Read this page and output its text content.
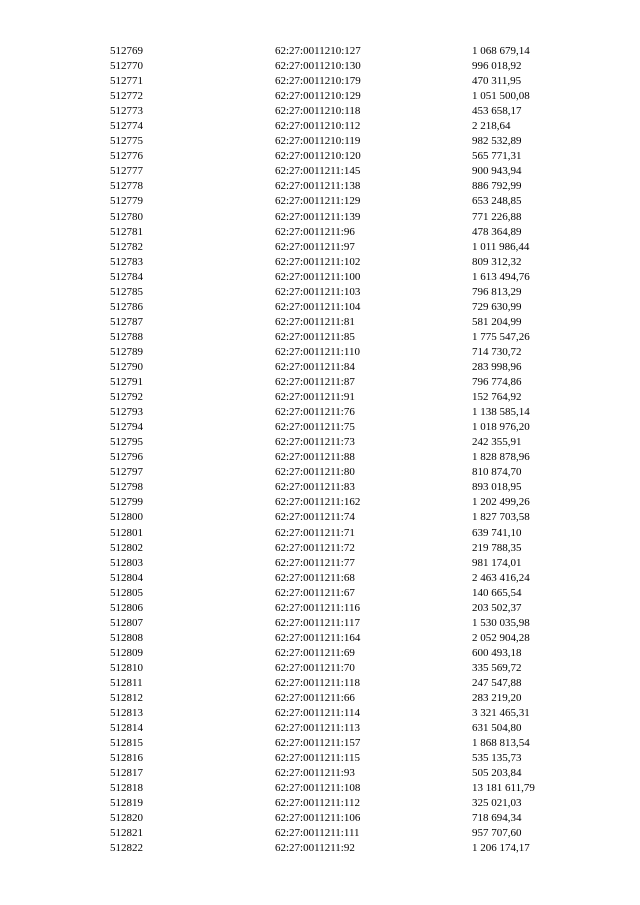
	512769	62:27:0011210:127	1 068 679,14
	512770	62:27:0011210:130	996 018,92
	512771	62:27:0011210:179	470 311,95
	512772	62:27:0011210:129	1 051 500,08
	512773	62:27:0011210:118	453 658,17
	512774	62:27:0011210:112	2 218,64
	512775	62:27:0011210:119	982 532,89
	512776	62:27:0011210:120	565 771,31
	512777	62:27:0011211:145	900 943,94
	512778	62:27:0011211:138	886 792,99
	512779	62:27:0011211:129	653 248,85
	512780	62:27:0011211:139	771 226,88
	512781	62:27:0011211:96	478 364,89
	512782	62:27:0011211:97	1 011 986,44
	512783	62:27:0011211:102	809 312,32
	512784	62:27:0011211:100	1 613 494,76
	512785	62:27:0011211:103	796 813,29
	512786	62:27:0011211:104	729 630,99
	512787	62:27:0011211:81	581 204,99
	512788	62:27:0011211:85	1 775 547,26
	512789	62:27:0011211:110	714 730,72
	512790	62:27:0011211:84	283 998,96
	512791	62:27:0011211:87	796 774,86
	512792	62:27:0011211:91	152 764,92
	512793	62:27:0011211:76	1 138 585,14
	512794	62:27:0011211:75	1 018 976,20
	512795	62:27:0011211:73	242 355,91
	512796	62:27:0011211:88	1 828 878,96
	512797	62:27:0011211:80	810 874,70
	512798	62:27:0011211:83	893 018,95
	512799	62:27:0011211:162	1 202 499,26
	512800	62:27:0011211:74	1 827 703,58
	512801	62:27:0011211:71	639 741,10
	512802	62:27:0011211:72	219 788,35
	512803	62:27:0011211:77	981 174,01
	512804	62:27:0011211:68	2 463 416,24
	512805	62:27:0011211:67	140 665,54
	512806	62:27:0011211:116	203 502,37
	512807	62:27:0011211:117	1 530 035,98
	512808	62:27:0011211:164	2 052 904,28
	512809	62:27:0011211:69	600 493,18
	512810	62:27:0011211:70	335 569,72
	512811	62:27:0011211:118	247 547,88
	512812	62:27:0011211:66	283 219,20
	512813	62:27:0011211:114	3 321 465,31
	512814	62:27:0011211:113	631 504,80
	512815	62:27:0011211:157	1 868 813,54
	512816	62:27:0011211:115	535 135,73
	512817	62:27:0011211:93	505 203,84
	512818	62:27:0011211:108	13 181 611,79
	512819	62:27:0011211:112	325 021,03
	512820	62:27:0011211:106	718 694,34
	512821	62:27:0011211:111	957 707,60
	512822	62:27:0011211:92	1 206 174,17
